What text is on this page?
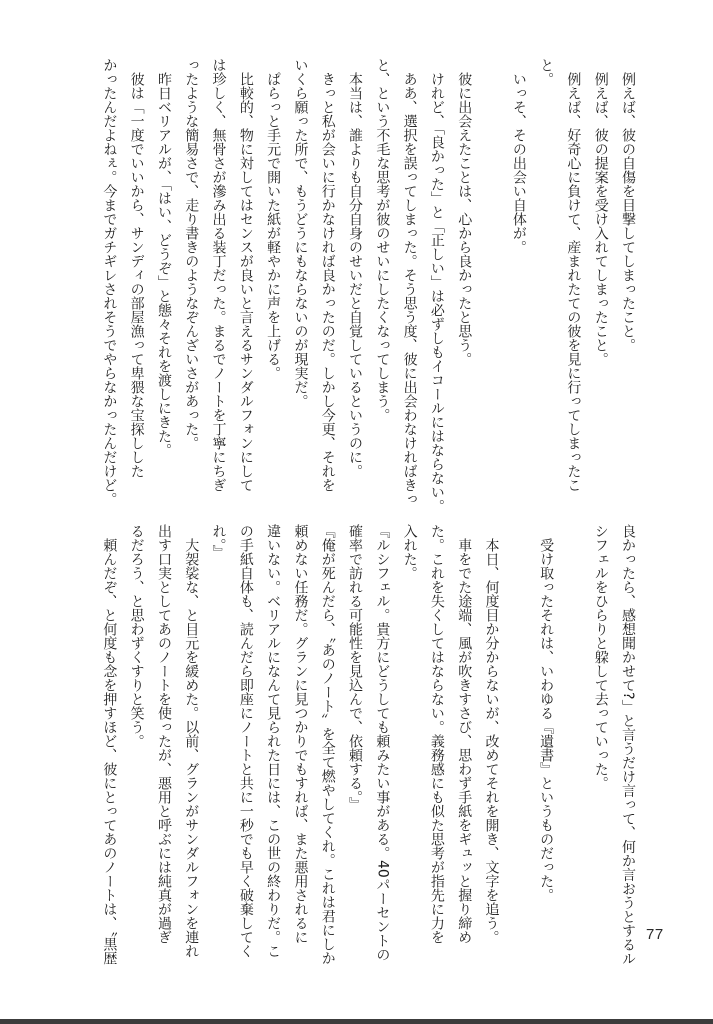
例えば、彼の自傷を目撃してしまったこと。
例えば、彼の提案を受け入れてしまったこと。
例えば、好奇心に負けて、産まれたての彼を見に行ってしまったこ
と。
いっそ、その出会い自体が。
彼に出会えたことは、心から良かったと思う。
けれど、「良かった」と「正しい」は必ずしもイコールにはならない。
ああ、選択を誤ってしまった。そう思う度、彼に出会わなければきっ
と、という不毛な思考が彼のせいにしたくなってしまう。
本当は、誰よりも自分自身のせいだと自覚しているというのに。
きっと私が会いに行かなければ良かったのだ。しかし今更、それを
いくら願った所で、もうどうにもならないのが現実だ。
ぱらっと手元で開いた紙が軽やかに声を上げる。
比較的、物に対してはセンスが良いと言えるサンダルフォンにして
は珍しく、無骨さが滲み出る装丁だった。まるでノートを丁寧にちぎ
ったような簡易さで、走り書きのようなぞんざいさがあった。
昨日ベリアルが、「はい、どうぞ」と態々それを渡しにきた。
彼は「一度でいいから、サンディの部屋漁って卑猥な宝探しした
かったんだよねぇ。今までガチギレされそうでやらなかったんだけど。
良かったら、感想聞かせて?」と言うだけ言って、何か言おうとするル
シフェルをひらりと躱して去っていった。
受け取ったそれは、いわゆる『遺書』というものだった。
本日、何度目か分からないが、改めてそれを開き、文字を追う。
車をでた途端、風が吹きすさび、思わず手紙をギュッと握り締め
た。これを失くしてはならない。義務感にも似た思考が指先に力を
入れた。
『ルシフェル。貴方にどうしても頼みたい事がある。40パーセントの
確率で訪れる可能性を見込んで、依頼する。』
『俺が死んだら、〝あのノート〟を全て燃やしてくれ。これは君にしか
頼めない任務だ。グランに見つかりでもすれば、また悪用されるに
違いない。ベリアルになんて見られた日には、この世の終わりだ。こ
の手紙自体も、読んだら即座にノートと共に一秒でも早く破棄してく
れ。』
大袈裟な、と目元を緩めた。以前、グランがサンダルフォンを連れ
出す口実としてあのノートを使ったが、悪用と呼ぶには純真が過ぎ
るだろう、と思わずくすりと笑う。
頼んだぞ、と何度も念を押すほど、彼にとってあのノートは、〝黒歴	77
